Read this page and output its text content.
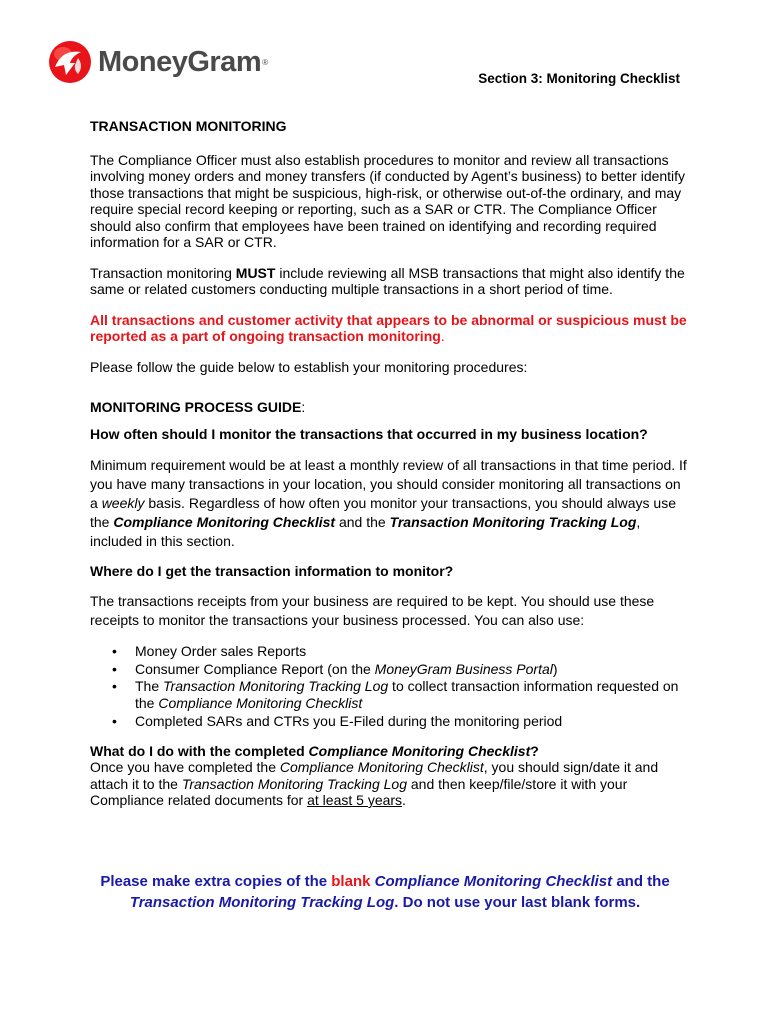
MoneyGram ®
Section 3: Monitoring Checklist

TRANSACTION MONITORING

The Compliance Officer must also establish procedures to monitor and review all transactions involving money orders and money transfers (if conducted by Agent’s business) to better identify those transactions that might be suspicious, high-risk, or otherwise out-of-the ordinary, and may require special record keeping or reporting, such as a SAR or CTR. The Compliance Officer should also confirm that employees have been trained on identifying and recording required information for a SAR or CTR.

Transaction monitoring MUST include reviewing all MSB transactions that might also identify the same or related customers conducting multiple transactions in a short period of time.

All transactions and customer activity that appears to be abnormal or suspicious must be reported as a part of ongoing transaction monitoring.

Please follow the guide below to establish your monitoring procedures:

MONITORING PROCESS GUIDE:

How often should I monitor the transactions that occurred in my business location?

Minimum requirement would be at least a monthly review of all transactions in that time period. If you have many transactions in your location, you should consider monitoring all transactions on a weekly basis. Regardless of how often you monitor your transactions, you should always use the Compliance Monitoring Checklist and the Transaction Monitoring Tracking Log, included in this section.

Where do I get the transaction information to monitor?

The transactions receipts from your business are required to be kept. You should use these receipts to monitor the transactions your business processed. You can also use:

• Money Order sales Reports
• Consumer Compliance Report (on the MoneyGram Business Portal)
• The Transaction Monitoring Tracking Log to collect transaction information requested on the Compliance Monitoring Checklist
• Completed SARs and CTRs you E-Filed during the monitoring period

What do I do with the completed Compliance Monitoring Checklist?

Once you have completed the Compliance Monitoring Checklist, you should sign/date it and attach it to the Transaction Monitoring Tracking Log and then keep/file/store it with your Compliance related documents for at least 5 years.

Please make extra copies of the blank Compliance Monitoring Checklist and the
Transaction Monitoring Tracking Log. Do not use your last blank forms.
